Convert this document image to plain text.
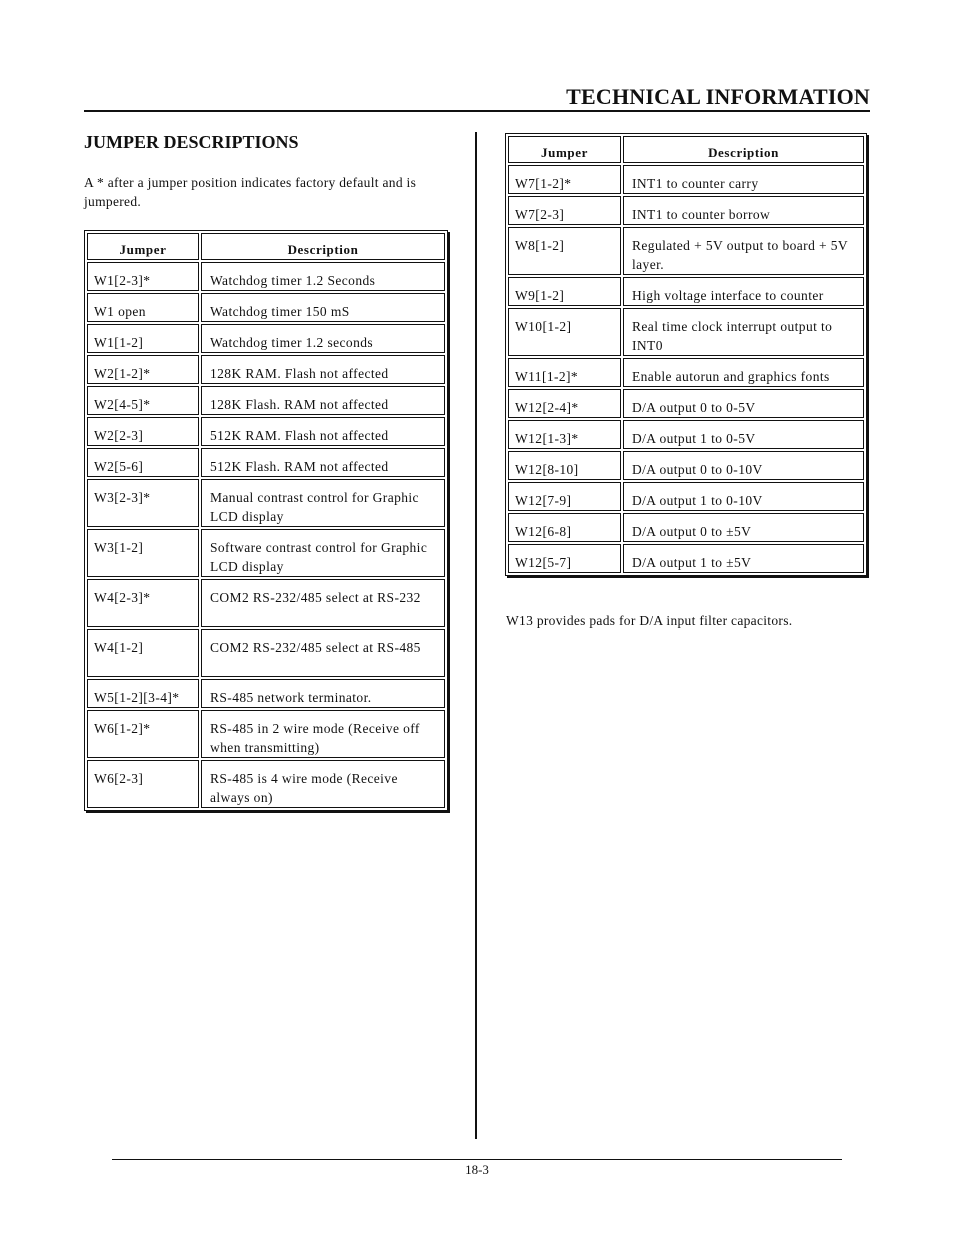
TECHNICAL INFORMATION
JUMPER DESCRIPTIONS
A * after a jumper position indicates factory default and is jumpered.
Jumper	Description
W1[2-3]*	Watchdog timer 1.2 Seconds
W1 open	Watchdog timer 150 mS
W1[1-2]	Watchdog timer 1.2 seconds
W2[1-2]*	128K RAM. Flash not affected
W2[4-5]*	128K Flash. RAM not affected
W2[2-3]	512K RAM. Flash not affected
W2[5-6]	512K Flash. RAM not affected
W3[2-3]*	Manual contrast control for Graphic LCD display
W3[1-2]	Software contrast control for Graphic LCD display
W4[2-3]*	COM2 RS-232/485 select at RS-232
W4[1-2]	COM2 RS-232/485 select at RS-485
W5[1-2][3-4]*	RS-485 network terminator.
W6[1-2]*	RS-485 in 2 wire mode (Receive off when transmitting)
W6[2-3]	RS-485 is 4 wire mode (Receive always on)
Jumper	Description
W7[1-2]*	INT1 to counter carry
W7[2-3]	INT1 to counter borrow
W8[1-2]	Regulated + 5V output to board + 5V layer.
W9[1-2]	High voltage interface to counter
W10[1-2]	Real time clock interrupt output to INT0
W11[1-2]*	Enable autorun and graphics fonts
W12[2-4]*	D/A output 0 to 0-5V
W12[1-3]*	D/A output 1 to 0-5V
W12[8-10]	D/A output 0 to 0-10V
W12[7-9]	D/A output 1 to 0-10V
W12[6-8]	D/A output 0 to ±5V
W12[5-7]	D/A output 1 to ±5V
W13 provides pads for D/A input filter capacitors.
18-3
